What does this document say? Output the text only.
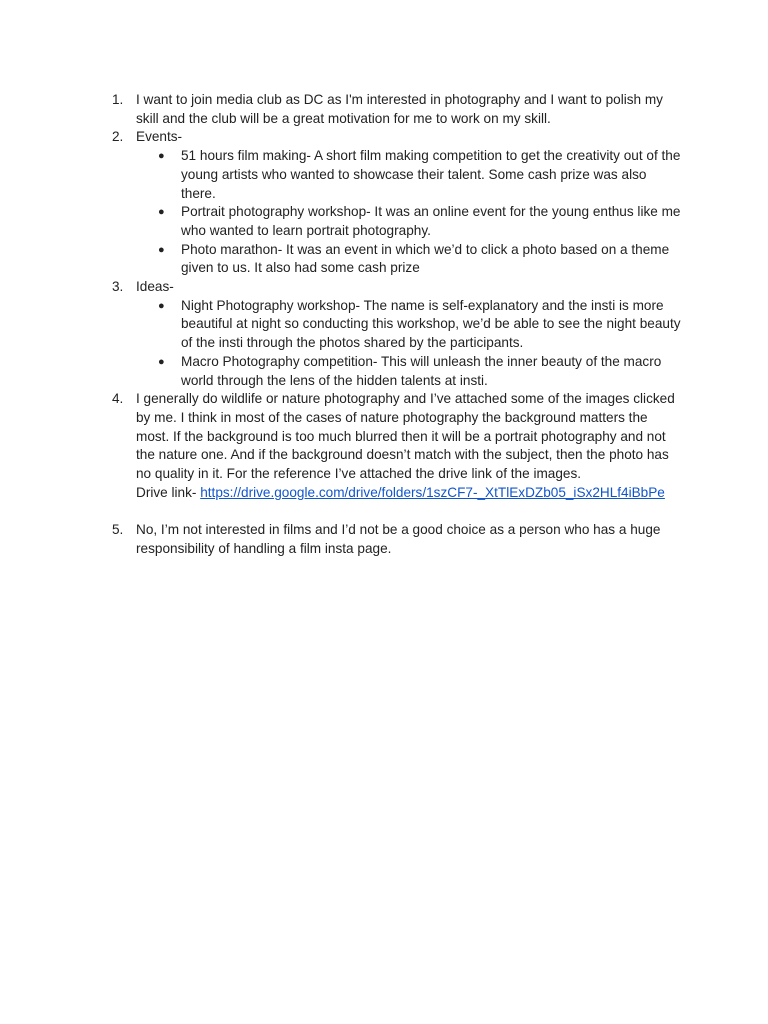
1. I want to join media club as DC as I'm interested in photography and I want to polish my skill and the club will be a great motivation for me to work on my skill.
2. Events-
● 51 hours film making- A short film making competition to get the creativity out of the young artists who wanted to showcase their talent. Some cash prize was also there.
● Portrait photography workshop- It was an online event for the young enthus like me who wanted to learn portrait photography.
● Photo marathon- It was an event in which we’d to click a photo based on a theme given to us. It also had some cash prize
3. Ideas-
● Night Photography workshop- The name is self-explanatory and the insti is more beautiful at night so conducting this workshop, we’d be able to see the night beauty of the insti through the photos shared by the participants.
● Macro Photography competition- This will unleash the inner beauty of the macro world through the lens of the hidden talents at insti.
4. I generally do wildlife or nature photography and I’ve attached some of the images clicked by me. I think in most of the cases of nature photography the background matters the most. If the background is too much blurred then it will be a portrait photography and not the nature one. And if the background doesn’t match with the subject, then the photo has no quality in it. For the reference I’ve attached the drive link of the images.
Drive link- https://drive.google.com/drive/folders/1szCF7-_XtTlExDZb05_iSx2HLf4iBbPe
5. No, I’m not interested in films and I’d not be a good choice as a person who has a huge responsibility of handling a film insta page.
